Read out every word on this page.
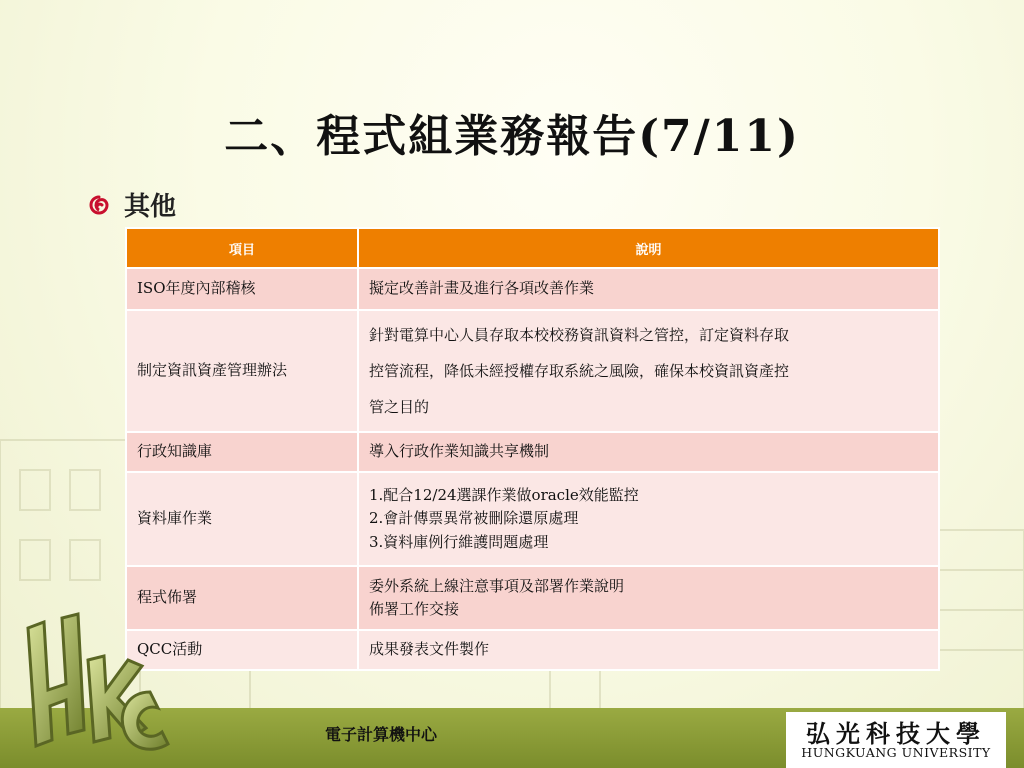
二、程式組業務報告(7/11)
其他
項目	說明
ISO年度內部稽核	擬定改善計畫及進行各項改善作業

制定資訊資產管理辦法	針對電算中心人員存取本校校務資訊資料之管控，訂定資料存取
控管流程，降低未經授權存取系統之風險，確保本校資訊資產控
管之目的

行政知識庫	導入行政作業知識共享機制

資料庫作業	1.配合12/24選課作業做oracle效能監控
2.會計傳票異常被刪除還原處理
3.資料庫例行維護問題處理

程式佈署	委外系統上線注意事項及部署作業說明
佈署工作交接

QCC活動	成果發表文件製作
電子計算機中心	弘光科技大學
HUNGKUANG UNIVERSITY
